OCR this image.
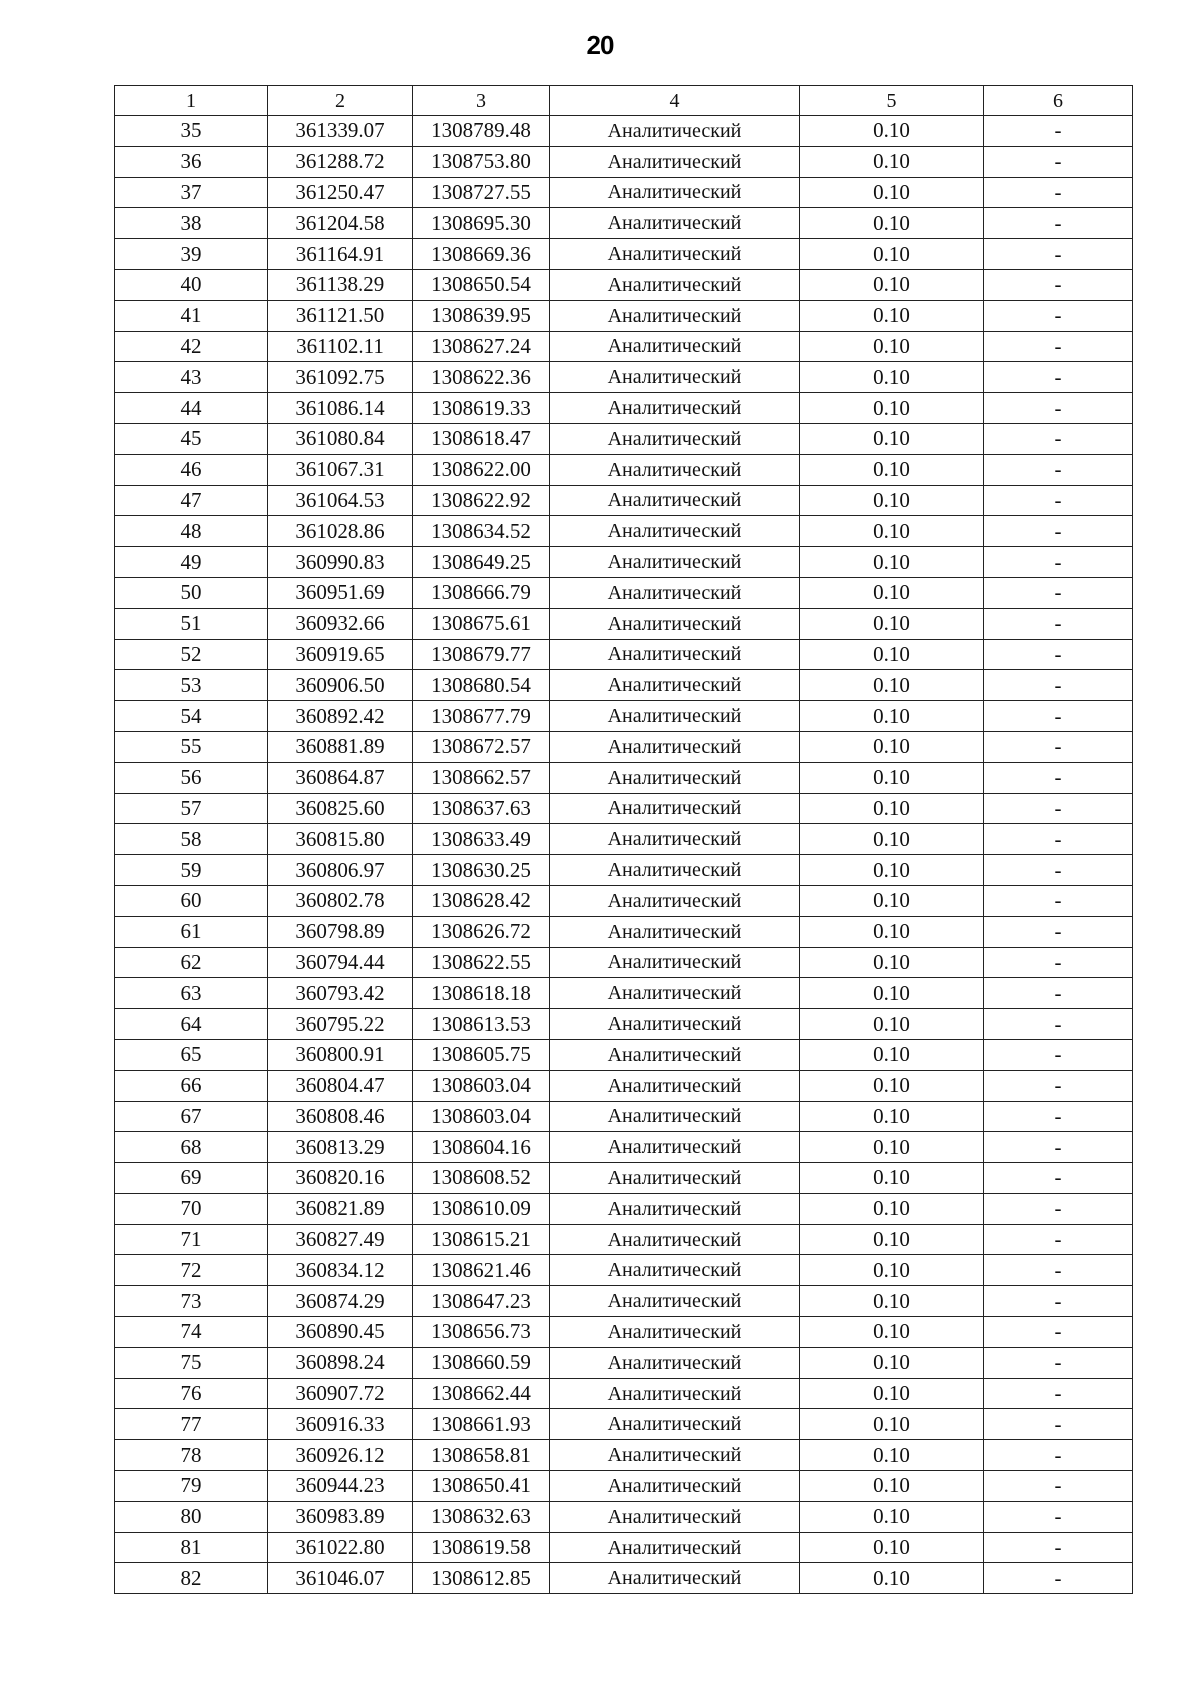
20
1	2	3	4	5	6
35	361339.07	1308789.48	Аналитический	0.10	-
36	361288.72	1308753.80	Аналитический	0.10	-
37	361250.47	1308727.55	Аналитический	0.10	-
38	361204.58	1308695.30	Аналитический	0.10	-
39	361164.91	1308669.36	Аналитический	0.10	-
40	361138.29	1308650.54	Аналитический	0.10	-
41	361121.50	1308639.95	Аналитический	0.10	-
42	361102.11	1308627.24	Аналитический	0.10	-
43	361092.75	1308622.36	Аналитический	0.10	-
44	361086.14	1308619.33	Аналитический	0.10	-
45	361080.84	1308618.47	Аналитический	0.10	-
46	361067.31	1308622.00	Аналитический	0.10	-
47	361064.53	1308622.92	Аналитический	0.10	-
48	361028.86	1308634.52	Аналитический	0.10	-
49	360990.83	1308649.25	Аналитический	0.10	-
50	360951.69	1308666.79	Аналитический	0.10	-
51	360932.66	1308675.61	Аналитический	0.10	-
52	360919.65	1308679.77	Аналитический	0.10	-
53	360906.50	1308680.54	Аналитический	0.10	-
54	360892.42	1308677.79	Аналитический	0.10	-
55	360881.89	1308672.57	Аналитический	0.10	-
56	360864.87	1308662.57	Аналитический	0.10	-
57	360825.60	1308637.63	Аналитический	0.10	-
58	360815.80	1308633.49	Аналитический	0.10	-
59	360806.97	1308630.25	Аналитический	0.10	-
60	360802.78	1308628.42	Аналитический	0.10	-
61	360798.89	1308626.72	Аналитический	0.10	-
62	360794.44	1308622.55	Аналитический	0.10	-
63	360793.42	1308618.18	Аналитический	0.10	-
64	360795.22	1308613.53	Аналитический	0.10	-
65	360800.91	1308605.75	Аналитический	0.10	-
66	360804.47	1308603.04	Аналитический	0.10	-
67	360808.46	1308603.04	Аналитический	0.10	-
68	360813.29	1308604.16	Аналитический	0.10	-
69	360820.16	1308608.52	Аналитический	0.10	-
70	360821.89	1308610.09	Аналитический	0.10	-
71	360827.49	1308615.21	Аналитический	0.10	-
72	360834.12	1308621.46	Аналитический	0.10	-
73	360874.29	1308647.23	Аналитический	0.10	-
74	360890.45	1308656.73	Аналитический	0.10	-
75	360898.24	1308660.59	Аналитический	0.10	-
76	360907.72	1308662.44	Аналитический	0.10	-
77	360916.33	1308661.93	Аналитический	0.10	-
78	360926.12	1308658.81	Аналитический	0.10	-
79	360944.23	1308650.41	Аналитический	0.10	-
80	360983.89	1308632.63	Аналитический	0.10	-
81	361022.80	1308619.58	Аналитический	0.10	-
82	361046.07	1308612.85	Аналитический	0.10	-
